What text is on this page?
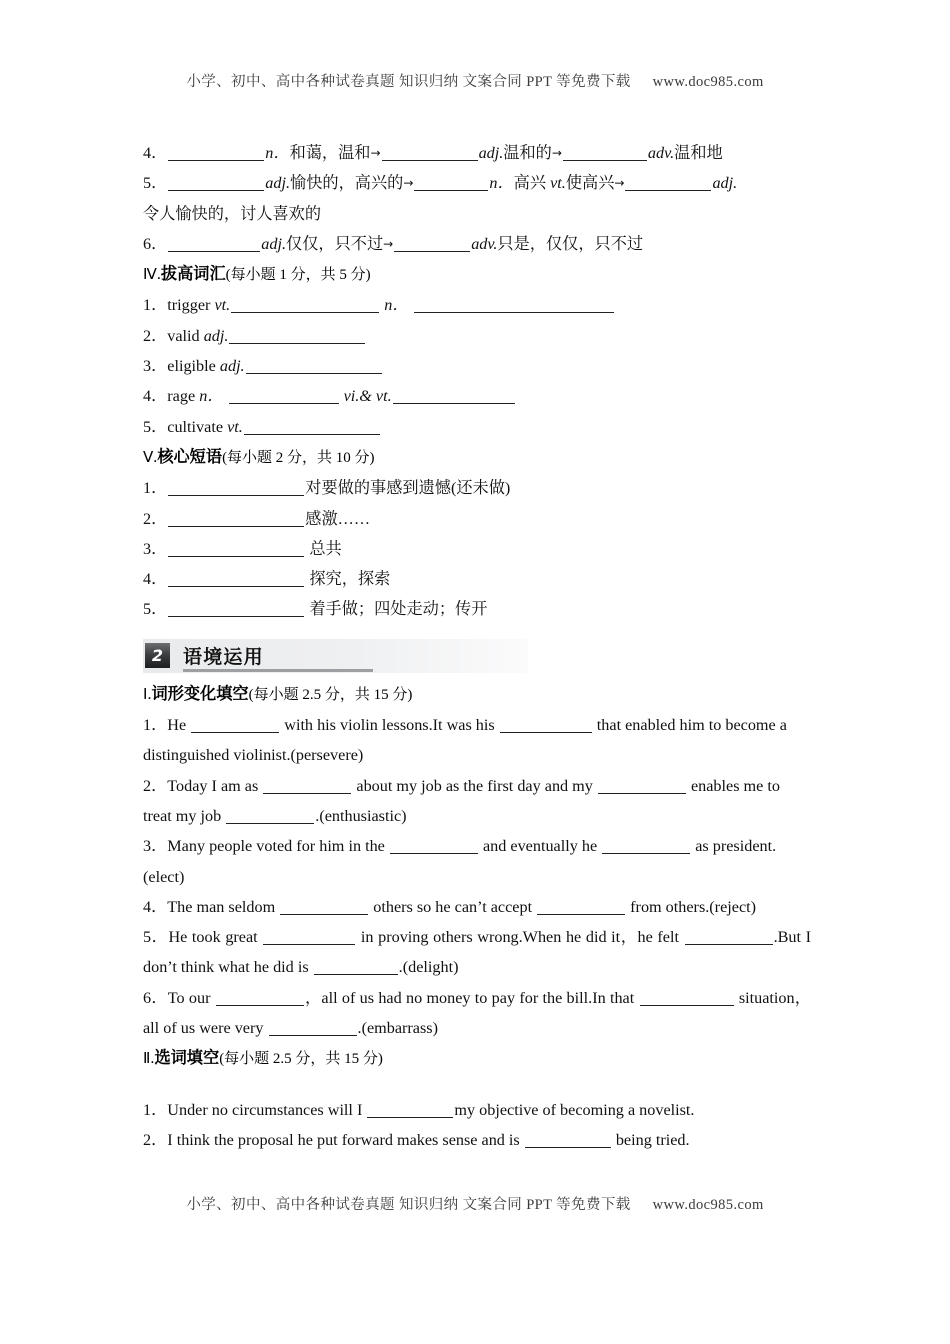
小学、初中、高中各种试卷真题 知识归纳 文案合同 PPT 等免费下载 www.doc985.com
4．	n．和蔼，温和→	adj.温和的→	adv.温和地
5．	adj.愉快的，高兴的→	n．高兴 vt.使高兴→	adj.
令人愉快的，讨人喜欢的
6．	adj.仅仅，只不过→	adv.只是，仅仅，只不过
Ⅳ.拔高词汇(每小题 1 分，共 5 分)
1．trigger vt.	n．
2．valid adj.
3．eligible adj.
4．rage n．	vi.& vt.
5．cultivate vt.
Ⅴ.核心短语(每小题 2 分，共 10 分)
1．	对要做的事感到遗憾(还未做)
2．	感激……
3．	总共
4．	探究，探索
5．	着手做；四处走动；传开
2	语境运用
Ⅰ.词形变化填空(每小题 2.5 分，共 15 分)
1．He	with his violin lessons.It was his	that enabled him to become a distinguished violinist.(persevere)
2．Today I am as	about my job as the first day and my	enables me to treat my job	.(enthusiastic)
3．Many people voted for him in the	and eventually he	as president.(elect)
4．The man seldom	others so he can’t accept	from others.(reject)
5．He took great	in proving others wrong.When he did it，he felt	.But I don’t think what he did is	.(delight)
6．To our	，all of us had no money to pay for the bill.In that	situation，all of us were very	.(embarrass)
Ⅱ.选词填空(每小题 2.5 分，共 15 分)
1．Under no circumstances will I	my objective of becoming a novelist.
2．I think the proposal he put forward makes sense and is	being tried.
小学、初中、高中各种试卷真题 知识归纳 文案合同 PPT 等免费下载 www.doc985.com
